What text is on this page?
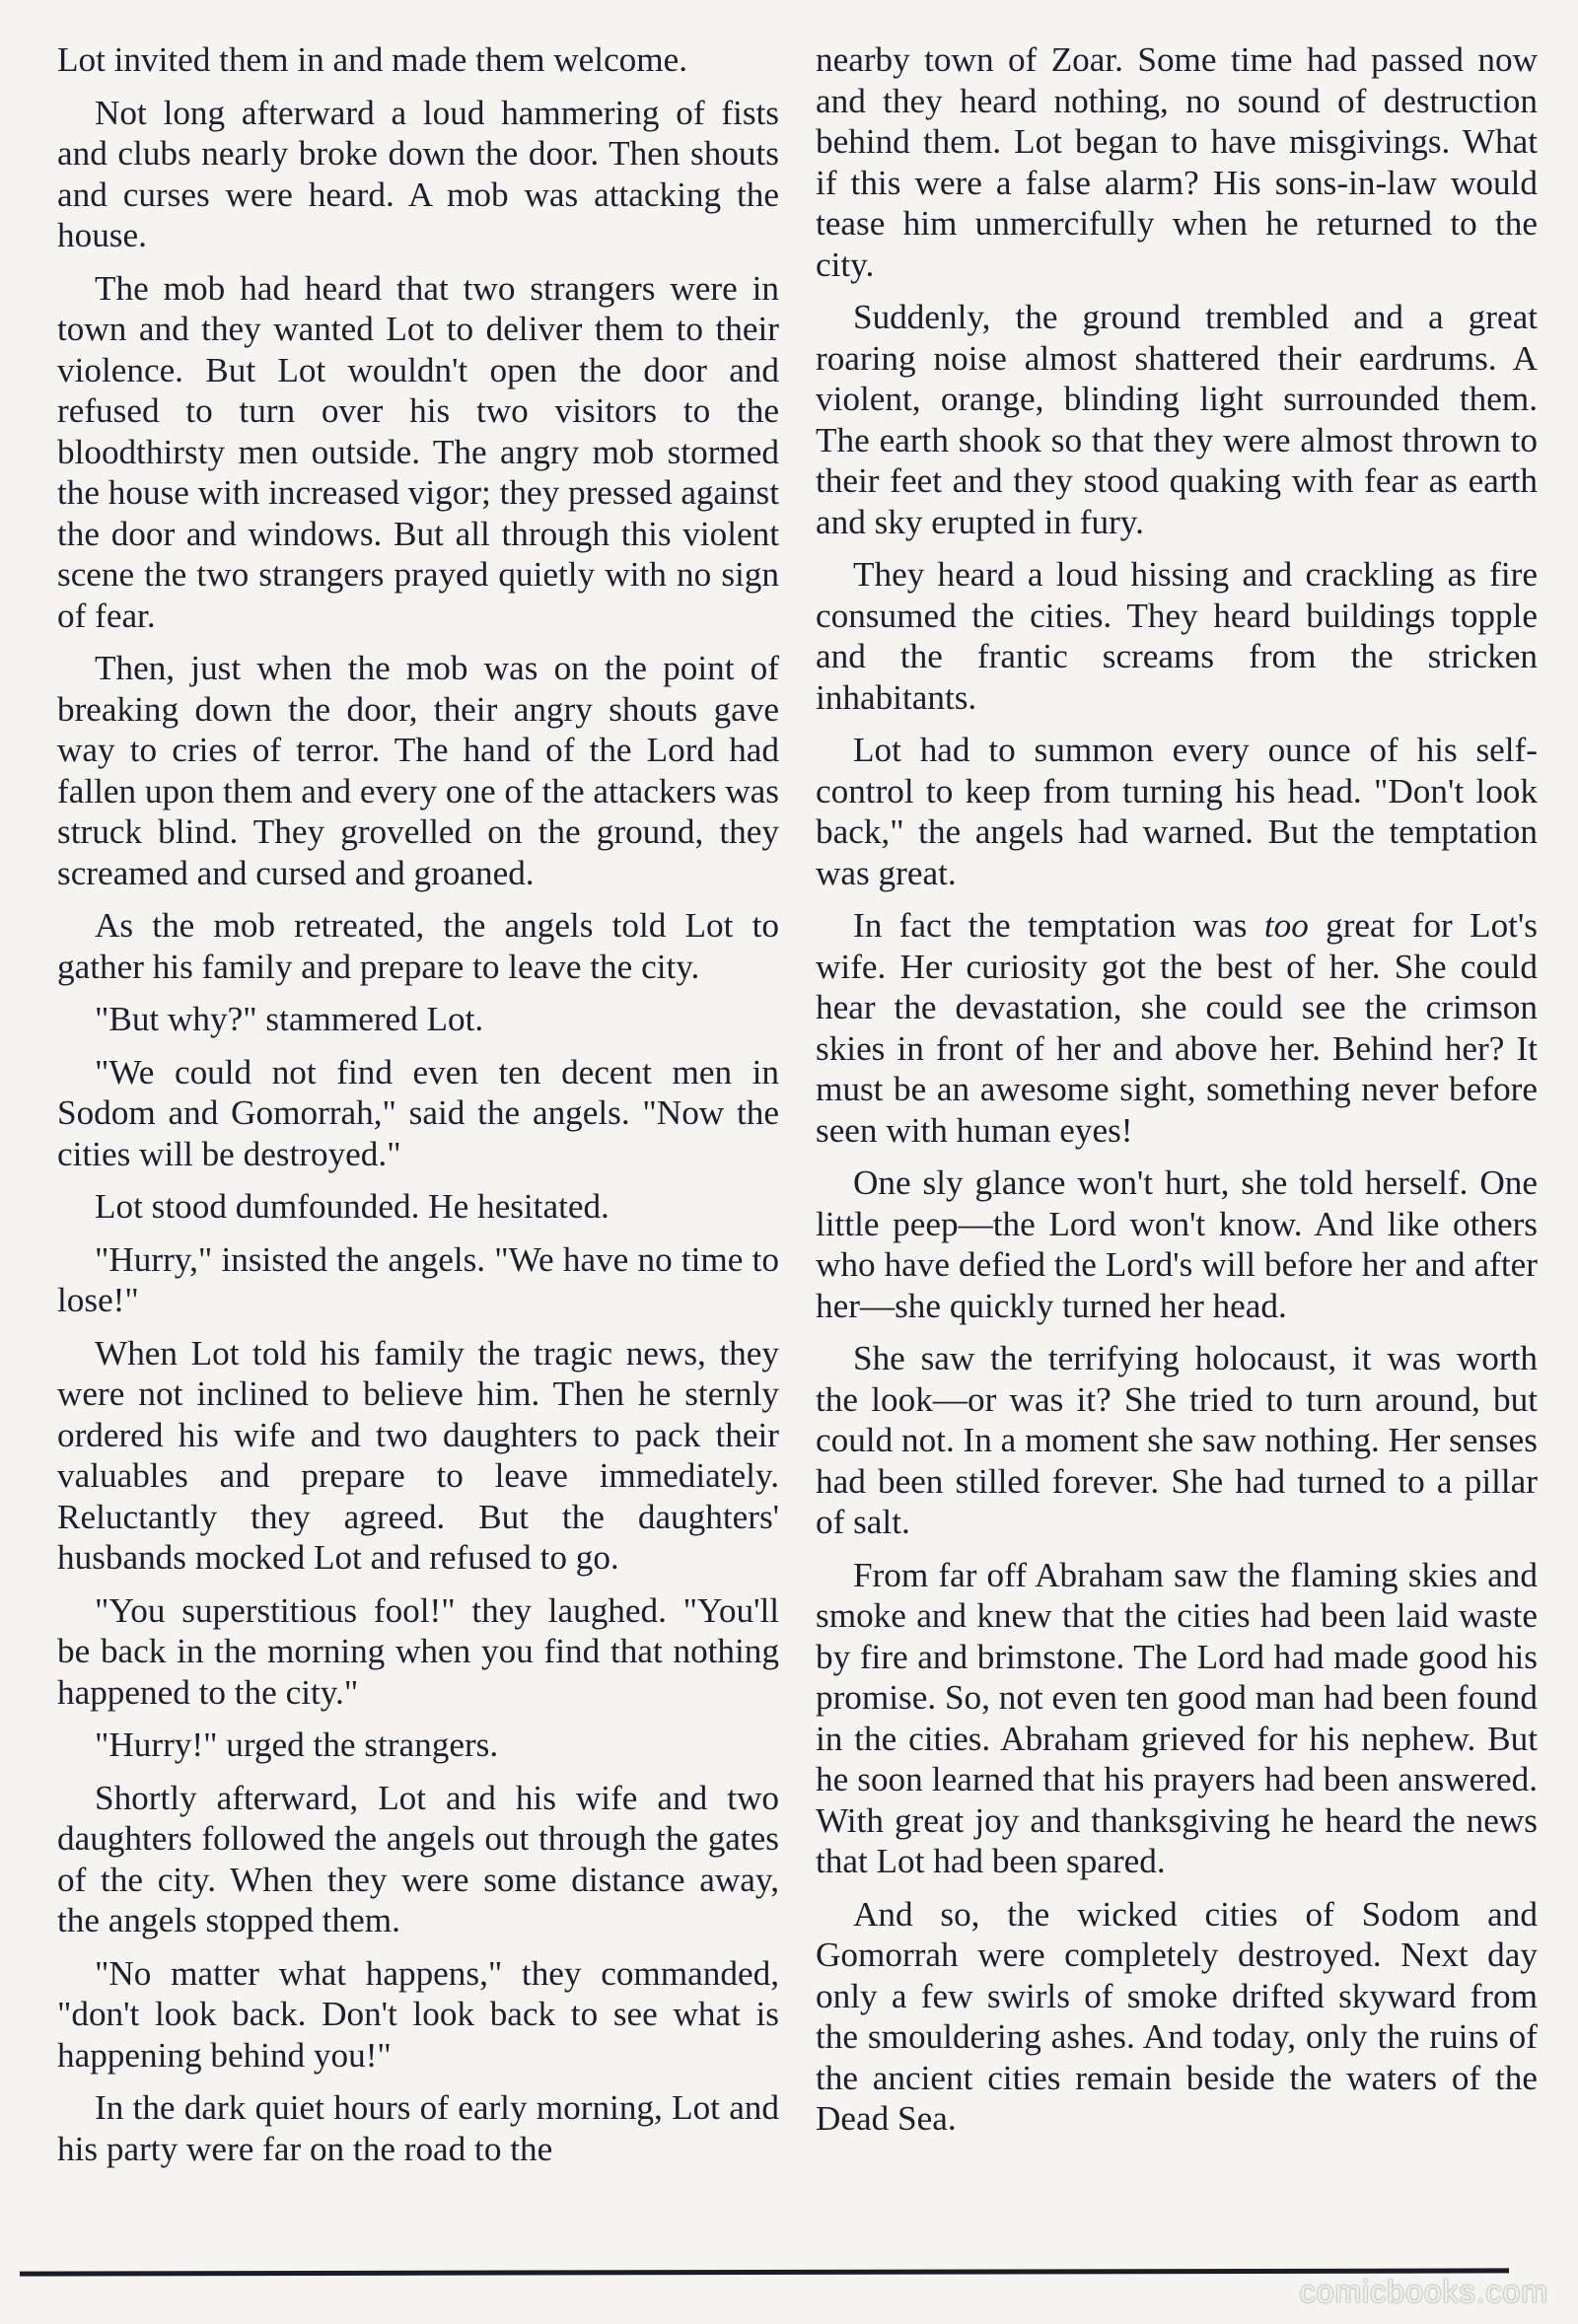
Lot invited them in and made them welcome.

Not long afterward a loud hammering of fists and clubs nearly broke down the door. Then shouts and curses were heard. A mob was attacking the house.

The mob had heard that two strangers were in town and they wanted Lot to deliver them to their violence. But Lot wouldn't open the door and refused to turn over his two visitors to the bloodthirsty men outside. The angry mob stormed the house with increased vigor; they pressed against the door and windows. But all through this violent scene the two strangers prayed quietly with no sign of fear.

Then, just when the mob was on the point of breaking down the door, their angry shouts gave way to cries of terror. The hand of the Lord had fallen upon them and every one of the attackers was struck blind. They grovelled on the ground, they screamed and cursed and groaned.

As the mob retreated, the angels told Lot to gather his family and prepare to leave the city.

"But why?" stammered Lot.

"We could not find even ten decent men in Sodom and Gomorrah," said the angels. "Now the cities will be destroyed."

Lot stood dumfounded. He hesitated.

"Hurry," insisted the angels. "We have no time to lose!"

When Lot told his family the tragic news, they were not inclined to believe him. Then he sternly ordered his wife and two daughters to pack their valuables and prepare to leave immediately. Reluctantly they agreed. But the daughters' husbands mocked Lot and refused to go.

"You superstitious fool!" they laughed. "You'll be back in the morning when you find that nothing happened to the city."

"Hurry!" urged the strangers.

Shortly afterward, Lot and his wife and two daughters followed the angels out through the gates of the city. When they were some distance away, the angels stopped them.

"No matter what happens," they commanded, "don't look back. Don't look back to see what is happening behind you!"

In the dark quiet hours of early morning, Lot and his party were far on the road to the

nearby town of Zoar. Some time had passed now and they heard nothing, no sound of destruction behind them. Lot began to have misgivings. What if this were a false alarm? His sons-in-law would tease him unmercifully when he returned to the city.

Suddenly, the ground trembled and a great roaring noise almost shattered their eardrums. A violent, orange, blinding light surrounded them. The earth shook so that they were almost thrown to their feet and they stood quaking with fear as earth and sky erupted in fury.

They heard a loud hissing and crackling as fire consumed the cities. They heard buildings topple and the frantic screams from the stricken inhabitants.

Lot had to summon every ounce of his self-control to keep from turning his head. "Don't look back," the angels had warned. But the temptation was great.

In fact the temptation was too great for Lot's wife. Her curiosity got the best of her. She could hear the devastation, she could see the crimson skies in front of her and above her. Behind her? It must be an awesome sight, something never before seen with human eyes!

One sly glance won't hurt, she told herself. One little peep—the Lord won't know. And like others who have defied the Lord's will before her and after her—she quickly turned her head.

She saw the terrifying holocaust, it was worth the look—or was it? She tried to turn around, but could not. In a moment she saw nothing. Her senses had been stilled forever. She had turned to a pillar of salt.

From far off Abraham saw the flaming skies and smoke and knew that the cities had been laid waste by fire and brimstone. The Lord had made good his promise. So, not even ten good man had been found in the cities. Abraham grieved for his nephew. But he soon learned that his prayers had been answered. With great joy and thanksgiving he heard the news that Lot had been spared.

And so, the wicked cities of Sodom and Gomorrah were completely destroyed. Next day only a few swirls of smoke drifted skyward from the smouldering ashes. And today, only the ruins of the ancient cities remain beside the waters of the Dead Sea.

comicbooks.com
